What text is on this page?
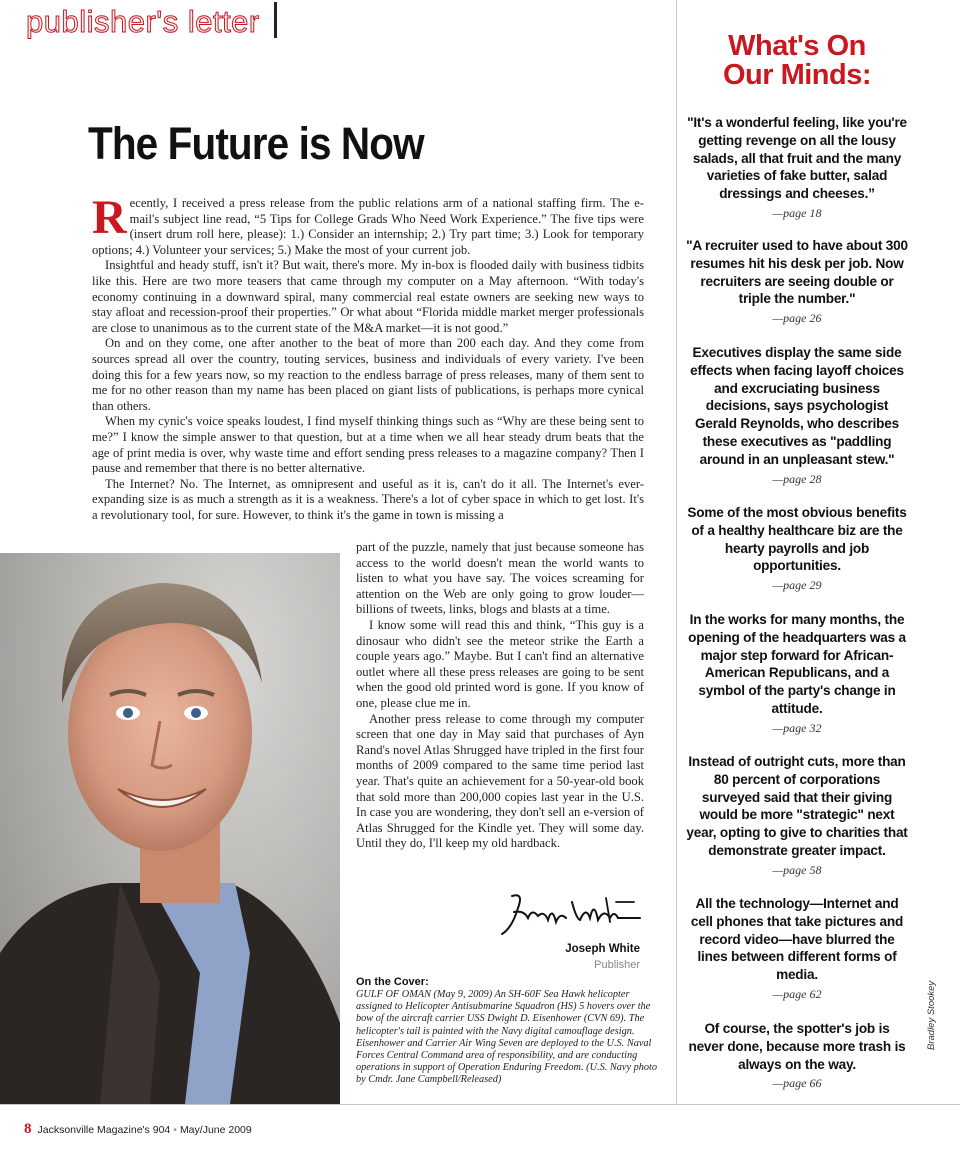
publisher's letter
The Future is Now

Recently, I received a press release from the public relations arm of a national staffing firm. The e-mail's subject line read, “5 Tips for College Grads Who Need Work Experience.” The five tips were (insert drum roll here, please): 1.) Consider an internship; 2.) Try part time; 3.) Look for temporary options; 4.) Volunteer your services; 5.) Make the most of your current job.

Insightful and heady stuff, isn't it? But wait, there's more. My in-box is flooded daily with business tidbits like this. Here are two more teasers that came through my computer on a May afternoon. “With today's economy continuing in a downward spiral, many commercial real estate owners are seeking new ways to stay afloat and recession-proof their properties.” Or what about “Florida middle market merger professionals are close to unanimous as to the current state of the M&A market—it is not good.”

On and on they come, one after another to the beat of more than 200 each day. And they come from sources spread all over the country, touting services, business and individuals of every variety. I've been doing this for a few years now, so my reaction to the endless barrage of press releases, many of them sent to me for no other reason than my name has been placed on giant lists of publications, is perhaps more cynical than others.

When my cynic's voice speaks loudest, I find myself thinking things such as “Why are these being sent to me?” I know the simple answer to that question, but at a time when we all hear steady drum beats that the age of print media is over, why waste time and effort sending press releases to a magazine company? Then I pause and remember that there is no better alternative.

The Internet? No. The Internet, as omnipresent and useful as it is, can't do it all. The Internet's ever-expanding size is as much a strength as it is a weakness. There's a lot of cyber space in which to get lost. It's a revolutionary tool, for sure. However, to think it's the game in town is missing a

part of the puzzle, namely that just because someone has access to the world doesn't mean the world wants to listen to what you have say. The voices screaming for attention on the Web are only going to grow louder—billions of tweets, links, blogs and blasts at a time.

I know some will read this and think, “This guy is a dinosaur who didn't see the meteor strike the Earth a couple years ago.” Maybe. But I can't find an alternative outlet where all these press releases are going to be sent when the good old printed word is gone. If you know of one, please clue me in.

Another press release to come through my computer screen that one day in May said that purchases of Ayn Rand's novel Atlas Shrugged have tripled in the first four months of 2009 compared to the same time period last year. That's quite an achievement for a 50-year-old book that sold more than 200,000 copies last year in the U.S. In case you are wondering, they don't sell an e-version of Atlas Shrugged for the Kindle yet. They will some day. Until they do, I'll keep my old hardback.

Joseph White
Publisher
On the Cover:
GULF OF OMAN (May 9, 2009) An SH-60F Sea Hawk helicopter assigned to Helicopter Antisubmarine Squadron (HS) 5 hovers over the bow of the aircraft carrier USS Dwight D. Eisenhower (CVN 69). The helicopter's tail is painted with the Navy digital camouflage design. Eisenhower and Carrier Air Wing Seven are deployed to the U.S. Naval Forces Central Command area of responsibility, and are conducting operations in support of Operation Enduring Freedom. (U.S. Navy photo by Cmdr. Jane Campbell/Released)
What's On
Our Minds:
"It's a wonderful feeling, like you're getting revenge on all the lousy salads, all that fruit and the many varieties of fake butter, salad dressings and cheeses.”
—page 18
"A recruiter used to have about 300 resumes hit his desk per job. Now recruiters are seeing double or triple the number."
—page 26
Executives display the same side effects when facing layoff choices and excruciating business decisions, says psychologist Gerald Reynolds, who describes these executives as "paddling around in an unpleasant stew."
—page 28
Some of the most obvious benefits of a healthy healthcare biz are the hearty payrolls and job opportunities.
—page 29
In the works for many months, the opening of the headquarters was a major step forward for African-American Republicans, and a symbol of the party's change in attitude.
—page 32
Instead of outright cuts, more than 80 percent of corporations surveyed said that their giving would be more "strategic" next year, opting to give to charities that demonstrate greater impact.
—page 58
All the technology—Internet and cell phones that take pictures and record video—have blurred the lines between different forms of media.
—page 62
Of course, the spotter's job is never done, because more trash is always on the way.
—page 66
Bradley Stookey
8 Jacksonville Magazine's 904 • May/June 2009
